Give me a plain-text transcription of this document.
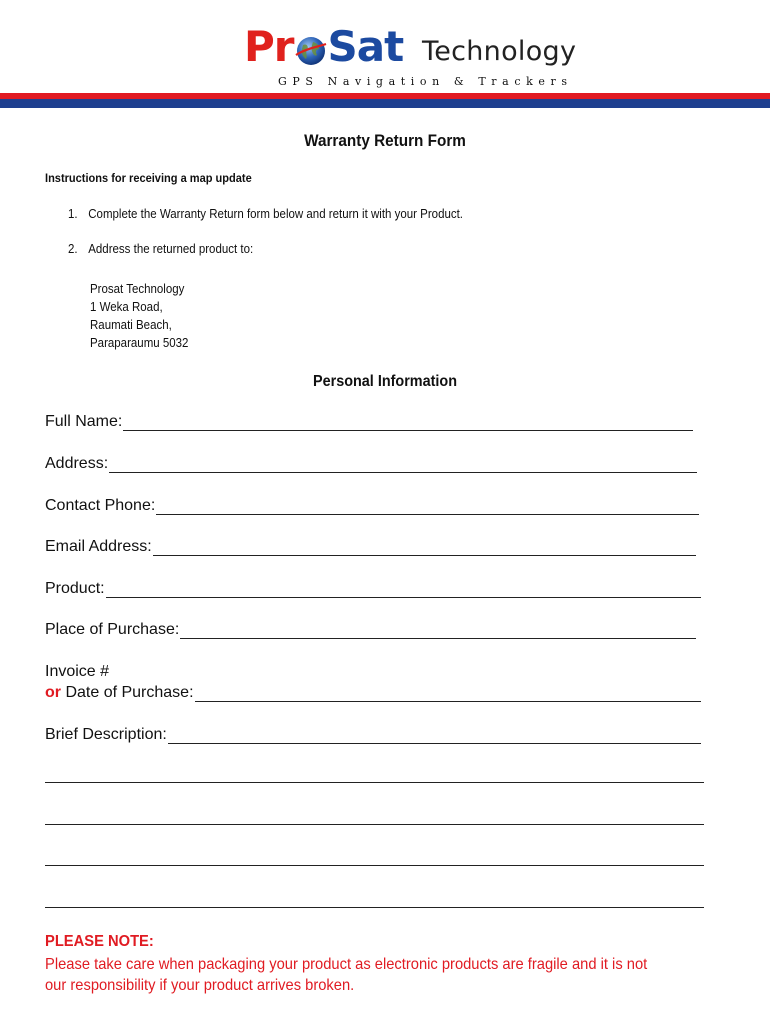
Pr Sat Technology
GPS Navigation & Trackers
Warranty Return Form
Instructions for receiving a map update
1. Complete the Warranty Return form below and return it with your Product.
2. Address the returned product to:
Prosat Technology
1 Weka Road,
Raumati Beach,
Paraparaumu 5032
Personal Information
Full Name:
Address:
Contact Phone:
Email Address:
Product:
Place of Purchase:
Invoice #
or Date of Purchase:
Brief Description:
PLEASE NOTE:
Please take care when packaging your product as electronic products are fragile and it is not our responsibility if your product arrives broken.
